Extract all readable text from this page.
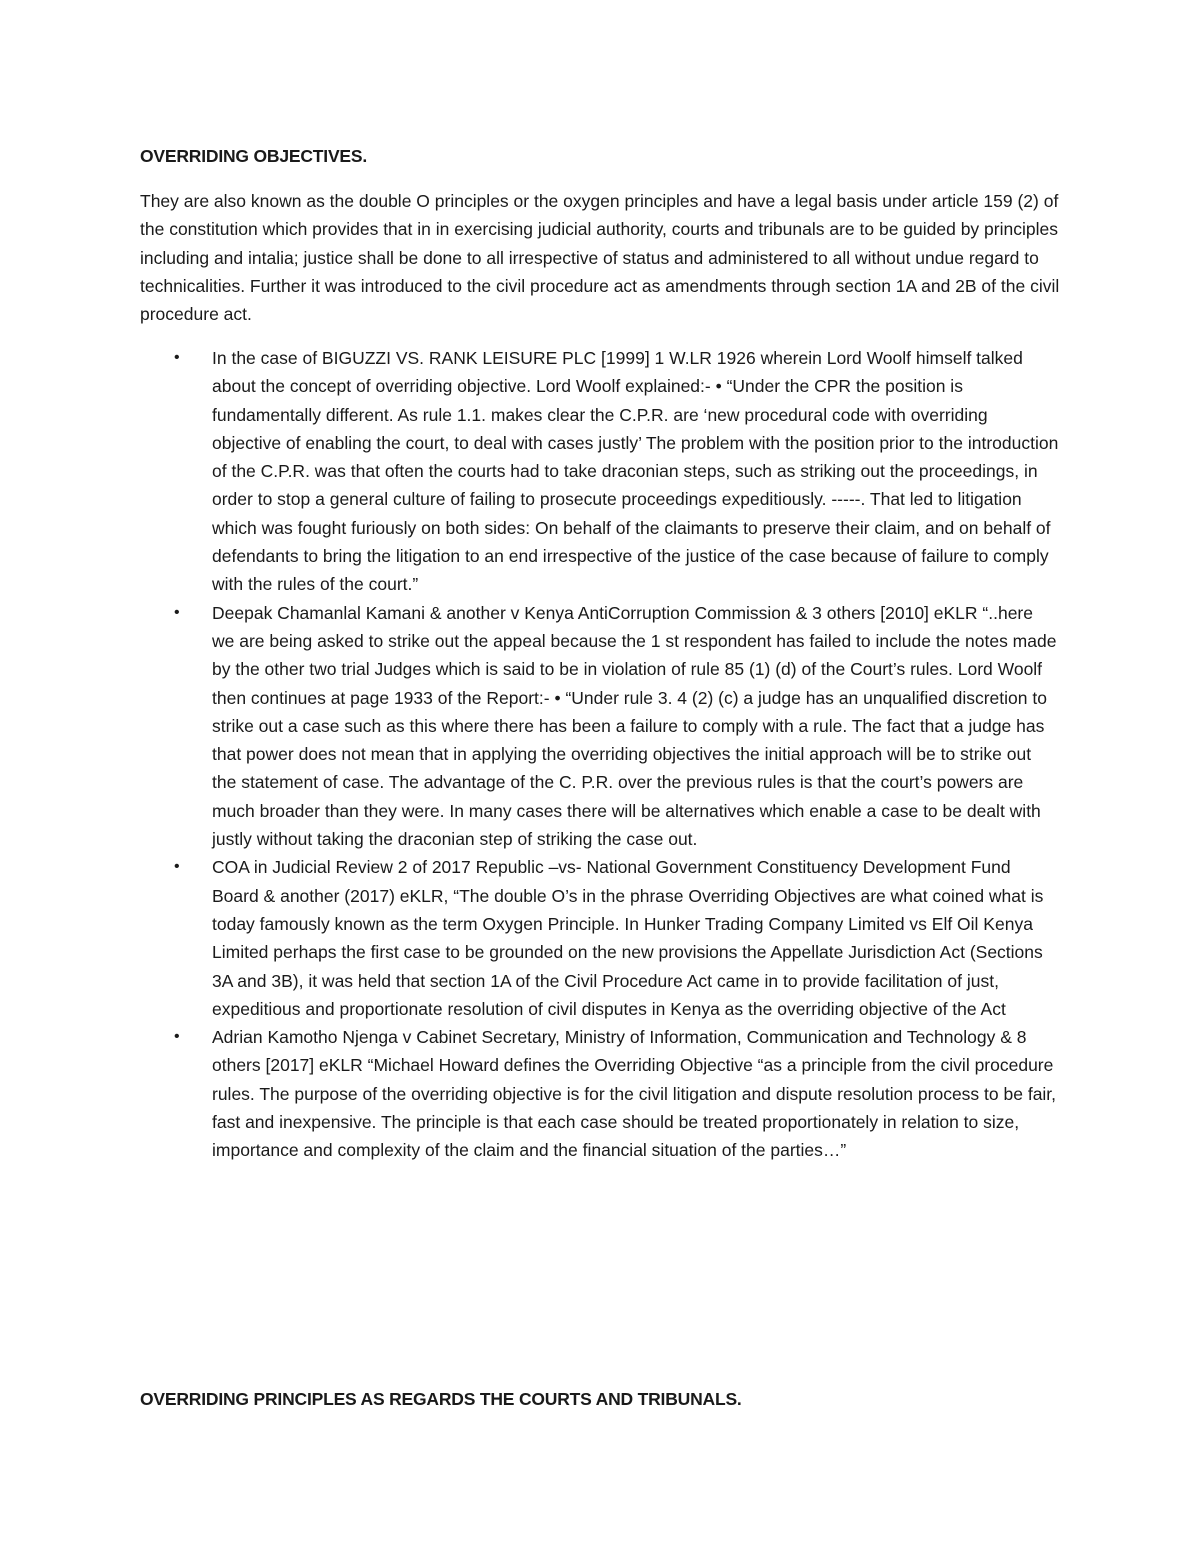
OVERRIDING OBJECTIVES.

They are also known as the double O principles or the oxygen principles and have a legal basis under article 159 (2) of the constitution which provides that in in exercising judicial authority, courts and tribunals are to be guided by principles including and intalia; justice shall be done to all irrespective of status and administered to all without undue regard to technicalities. Further it was introduced to the civil procedure act as amendments through section 1A and 2B of the civil procedure act.

•	In the case of BIGUZZI VS. RANK LEISURE PLC [1999] 1 W.LR 1926 wherein Lord Woolf himself talked about the concept of overriding objective. Lord Woolf explained:- • “Under the CPR the position is fundamentally different. As rule 1.1. makes clear the C.P.R. are ‘new procedural code with overriding objective of enabling the court, to deal with cases justly’ The problem with the position prior to the introduction of the C.P.R. was that often the courts had to take draconian steps, such as striking out the proceedings, in order to stop a general culture of failing to prosecute proceedings expeditiously. -----. That led to litigation which was fought furiously on both sides: On behalf of the claimants to preserve their claim, and on behalf of defendants to bring the litigation to an end irrespective of the justice of the case because of failure to comply with the rules of the court.”
•	Deepak Chamanlal Kamani & another v Kenya AntiCorruption Commission & 3 others [2010] eKLR “..here we are being asked to strike out the appeal because the 1 st respondent has failed to include the notes made by the other two trial Judges which is said to be in violation of rule 85 (1) (d) of the Court’s rules. Lord Woolf then continues at page 1933 of the Report:- • “Under rule 3. 4 (2) (c) a judge has an unqualified discretion to strike out a case such as this where there has been a failure to comply with a rule. The fact that a judge has that power does not mean that in applying the overriding objectives the initial approach will be to strike out the statement of case. The advantage of the C. P.R. over the previous rules is that the court’s powers are much broader than they were. In many cases there will be alternatives which enable a case to be dealt with justly without taking the draconian step of striking the case out.
•	COA in Judicial Review 2 of 2017 Republic –vs- National Government Constituency Development Fund Board & another (2017) eKLR, “The double O’s in the phrase Overriding Objectives are what coined what is today famously known as the term Oxygen Principle. In Hunker Trading Company Limited vs Elf Oil Kenya Limited perhaps the first case to be grounded on the new provisions the Appellate Jurisdiction Act (Sections 3A and 3B), it was held that section 1A of the Civil Procedure Act came in to provide facilitation of just, expeditious and proportionate resolution of civil disputes in Kenya as the overriding objective of the Act
•	Adrian Kamotho Njenga v Cabinet Secretary, Ministry of Information, Communication and Technology & 8 others [2017] eKLR “Michael Howard defines the Overriding Objective “as a principle from the civil procedure rules. The purpose of the overriding objective is for the civil litigation and dispute resolution process to be fair, fast and inexpensive. The principle is that each case should be treated proportionately in relation to size, importance and complexity of the claim and the financial situation of the parties…”
OVERRIDING PRINCIPLES AS REGARDS THE COURTS AND TRIBUNALS.
